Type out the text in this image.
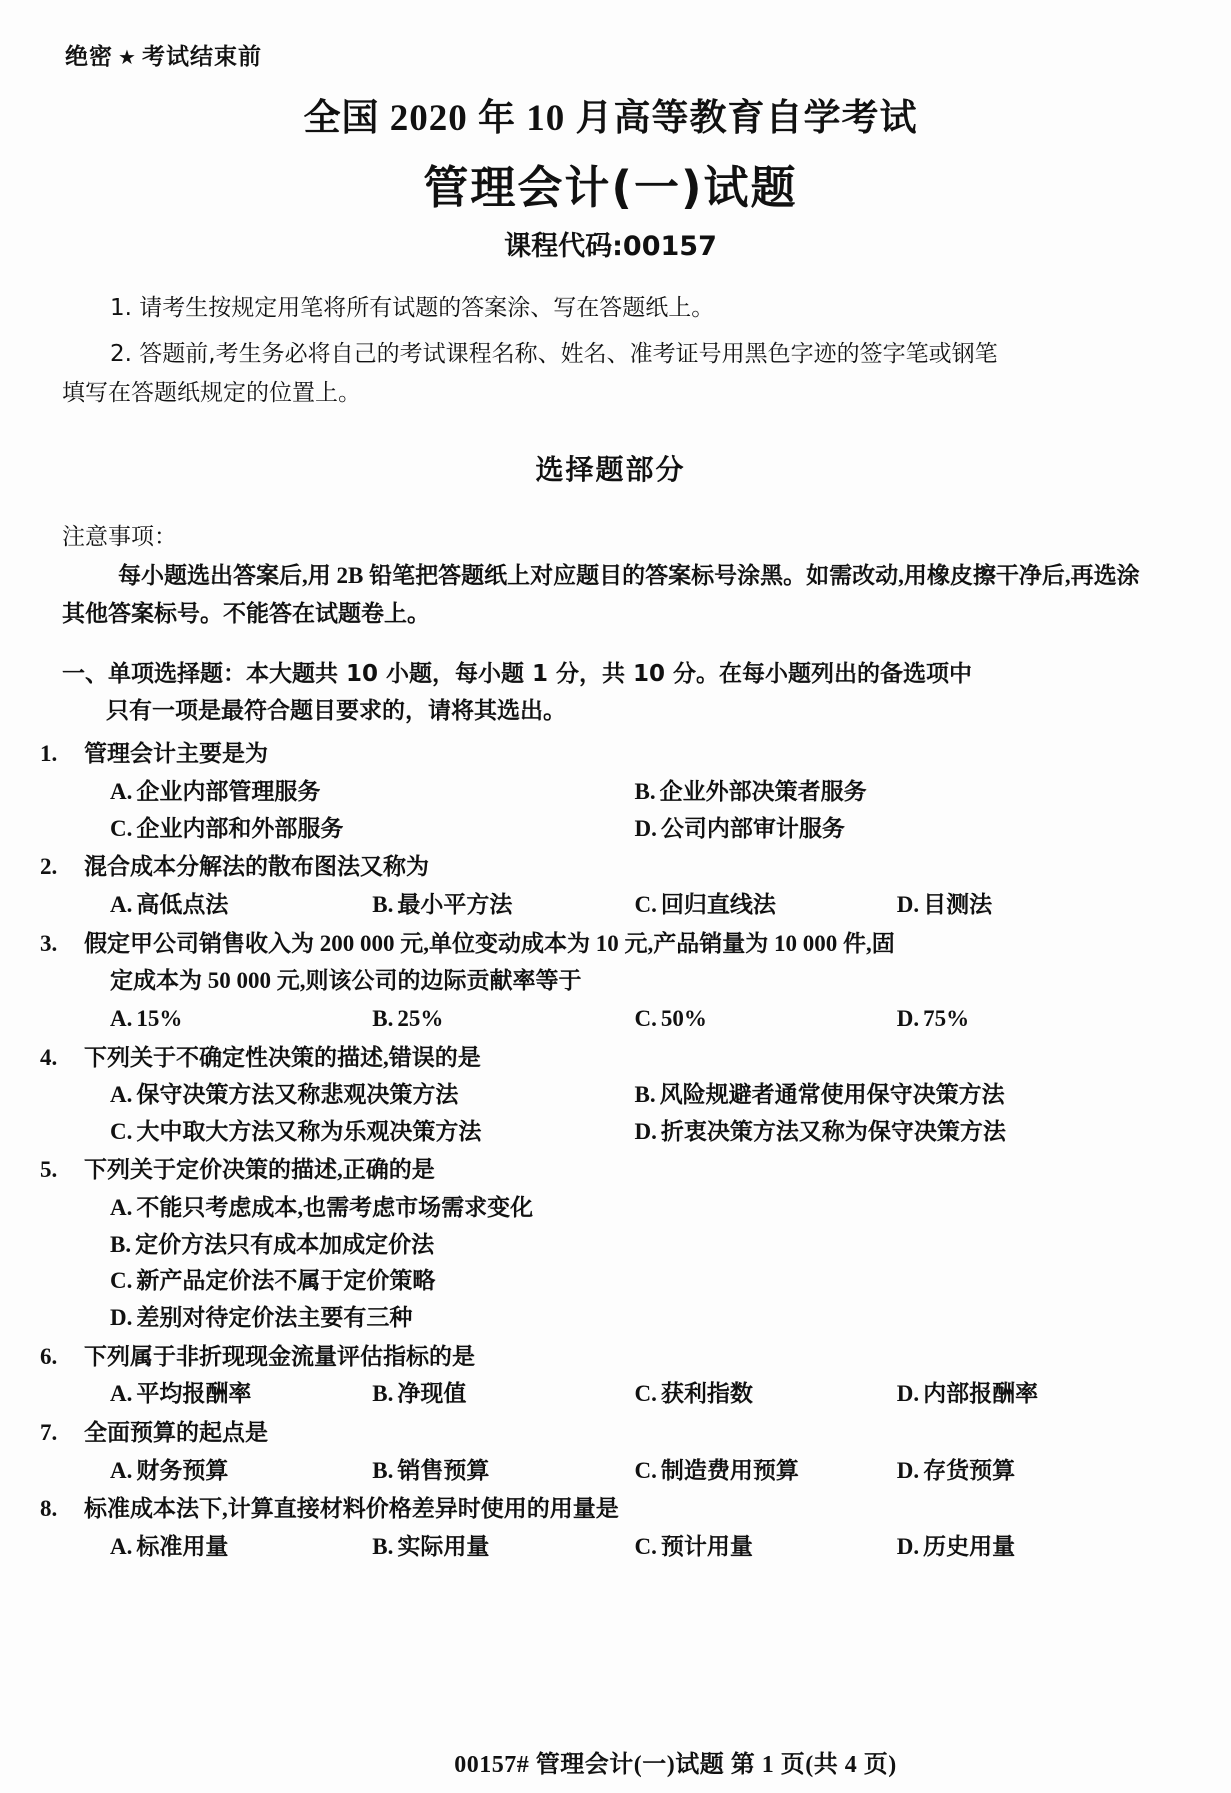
绝密 ★ 考试结束前
全国 2020 年 10 月高等教育自学考试
管理会计(一)试题
课程代码:00157

1. 请考生按规定用笔将所有试题的答案涂、写在答题纸上。

2. 答题前,考生务必将自己的考试课程名称、姓名、准考证号用黑色字迹的签字笔或钢笔

填写在答题纸规定的位置上。

选择题部分

注意事项：

每小题选出答案后,用 2B 铅笔把答题纸上对应题目的答案标号涂黑。如需改动,用橡皮擦干净后,再选涂其他答案标号。不能答在试题卷上。

一、单项选择题：本大题共 10 小题，每小题 1 分，共 10 分。在每小题列出的备选项中
只有一项是最符合题目要求的，请将其选出。
1. 管理会计主要是为
A. 企业内部管理服务	B. 企业外部决策者服务
C. 企业内部和外部服务	D. 公司内部审计服务
2. 混合成本分解法的散布图法又称为
A. 高低点法	B. 最小平方法	C. 回归直线法	D. 目测法
3. 假定甲公司销售收入为 200 000 元,单位变动成本为 10 元,产品销量为 10 000 件,固
定成本为 50 000 元,则该公司的边际贡献率等于
A. 15%	B. 25%	C. 50%	D. 75%
4. 下列关于不确定性决策的描述,错误的是
A. 保守决策方法又称悲观决策方法	B. 风险规避者通常使用保守决策方法
C. 大中取大方法又称为乐观决策方法	D. 折衷决策方法又称为保守决策方法
5. 下列关于定价决策的描述,正确的是
A. 不能只考虑成本,也需考虑市场需求变化
B. 定价方法只有成本加成定价法
C. 新产品定价法不属于定价策略
D. 差别对待定价法主要有三种
6. 下列属于非折现现金流量评估指标的是
A. 平均报酬率	B. 净现值	C. 获利指数	D. 内部报酬率
7. 全面预算的起点是
A. 财务预算	B. 销售预算	C. 制造费用预算	D. 存货预算
8. 标准成本法下,计算直接材料价格差异时使用的用量是
A. 标准用量	B. 实际用量	C. 预计用量	D. 历史用量
00157# 管理会计(一)试题 第 1 页(共 4 页)
